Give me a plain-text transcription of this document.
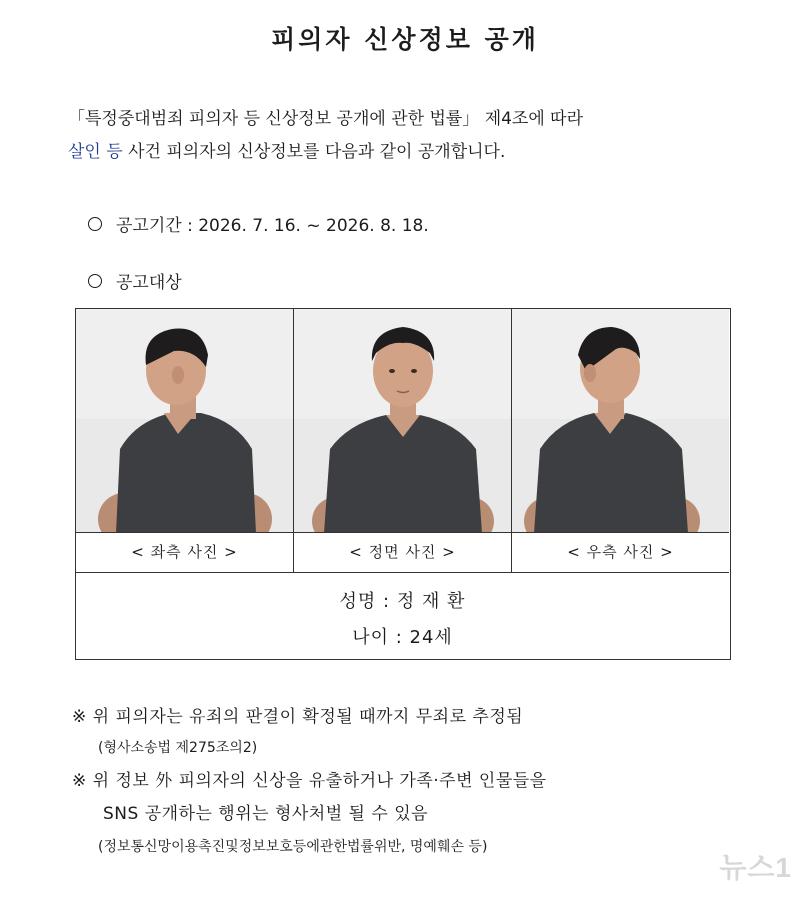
피의자 신상정보 공개
「특정중대범죄 피의자 등 신상정보 공개에 관한 법률」 제4조에 따라
살인 등 사건 피의자의 신상정보를 다음과 같이 공개합니다.
공고기간 : 2026. 7. 16. ~ 2026. 8. 18.
공고대상
< 좌측 사진 >	< 정면 사진 >	< 우측 사진 >
성명 : 정 재 환
나이 : 24세
※ 위 피의자는 유죄의 판결이 확정될 때까지 무죄로 추정됨
(형사소송법 제275조의2)
※ 위 정보 外 피의자의 신상을 유출하거나 가족·주변 인물들을
SNS 공개하는 행위는 형사처벌 될 수 있음
(정보통신망이용촉진및정보보호등에관한법률위반, 명예훼손 등)
뉴스1
